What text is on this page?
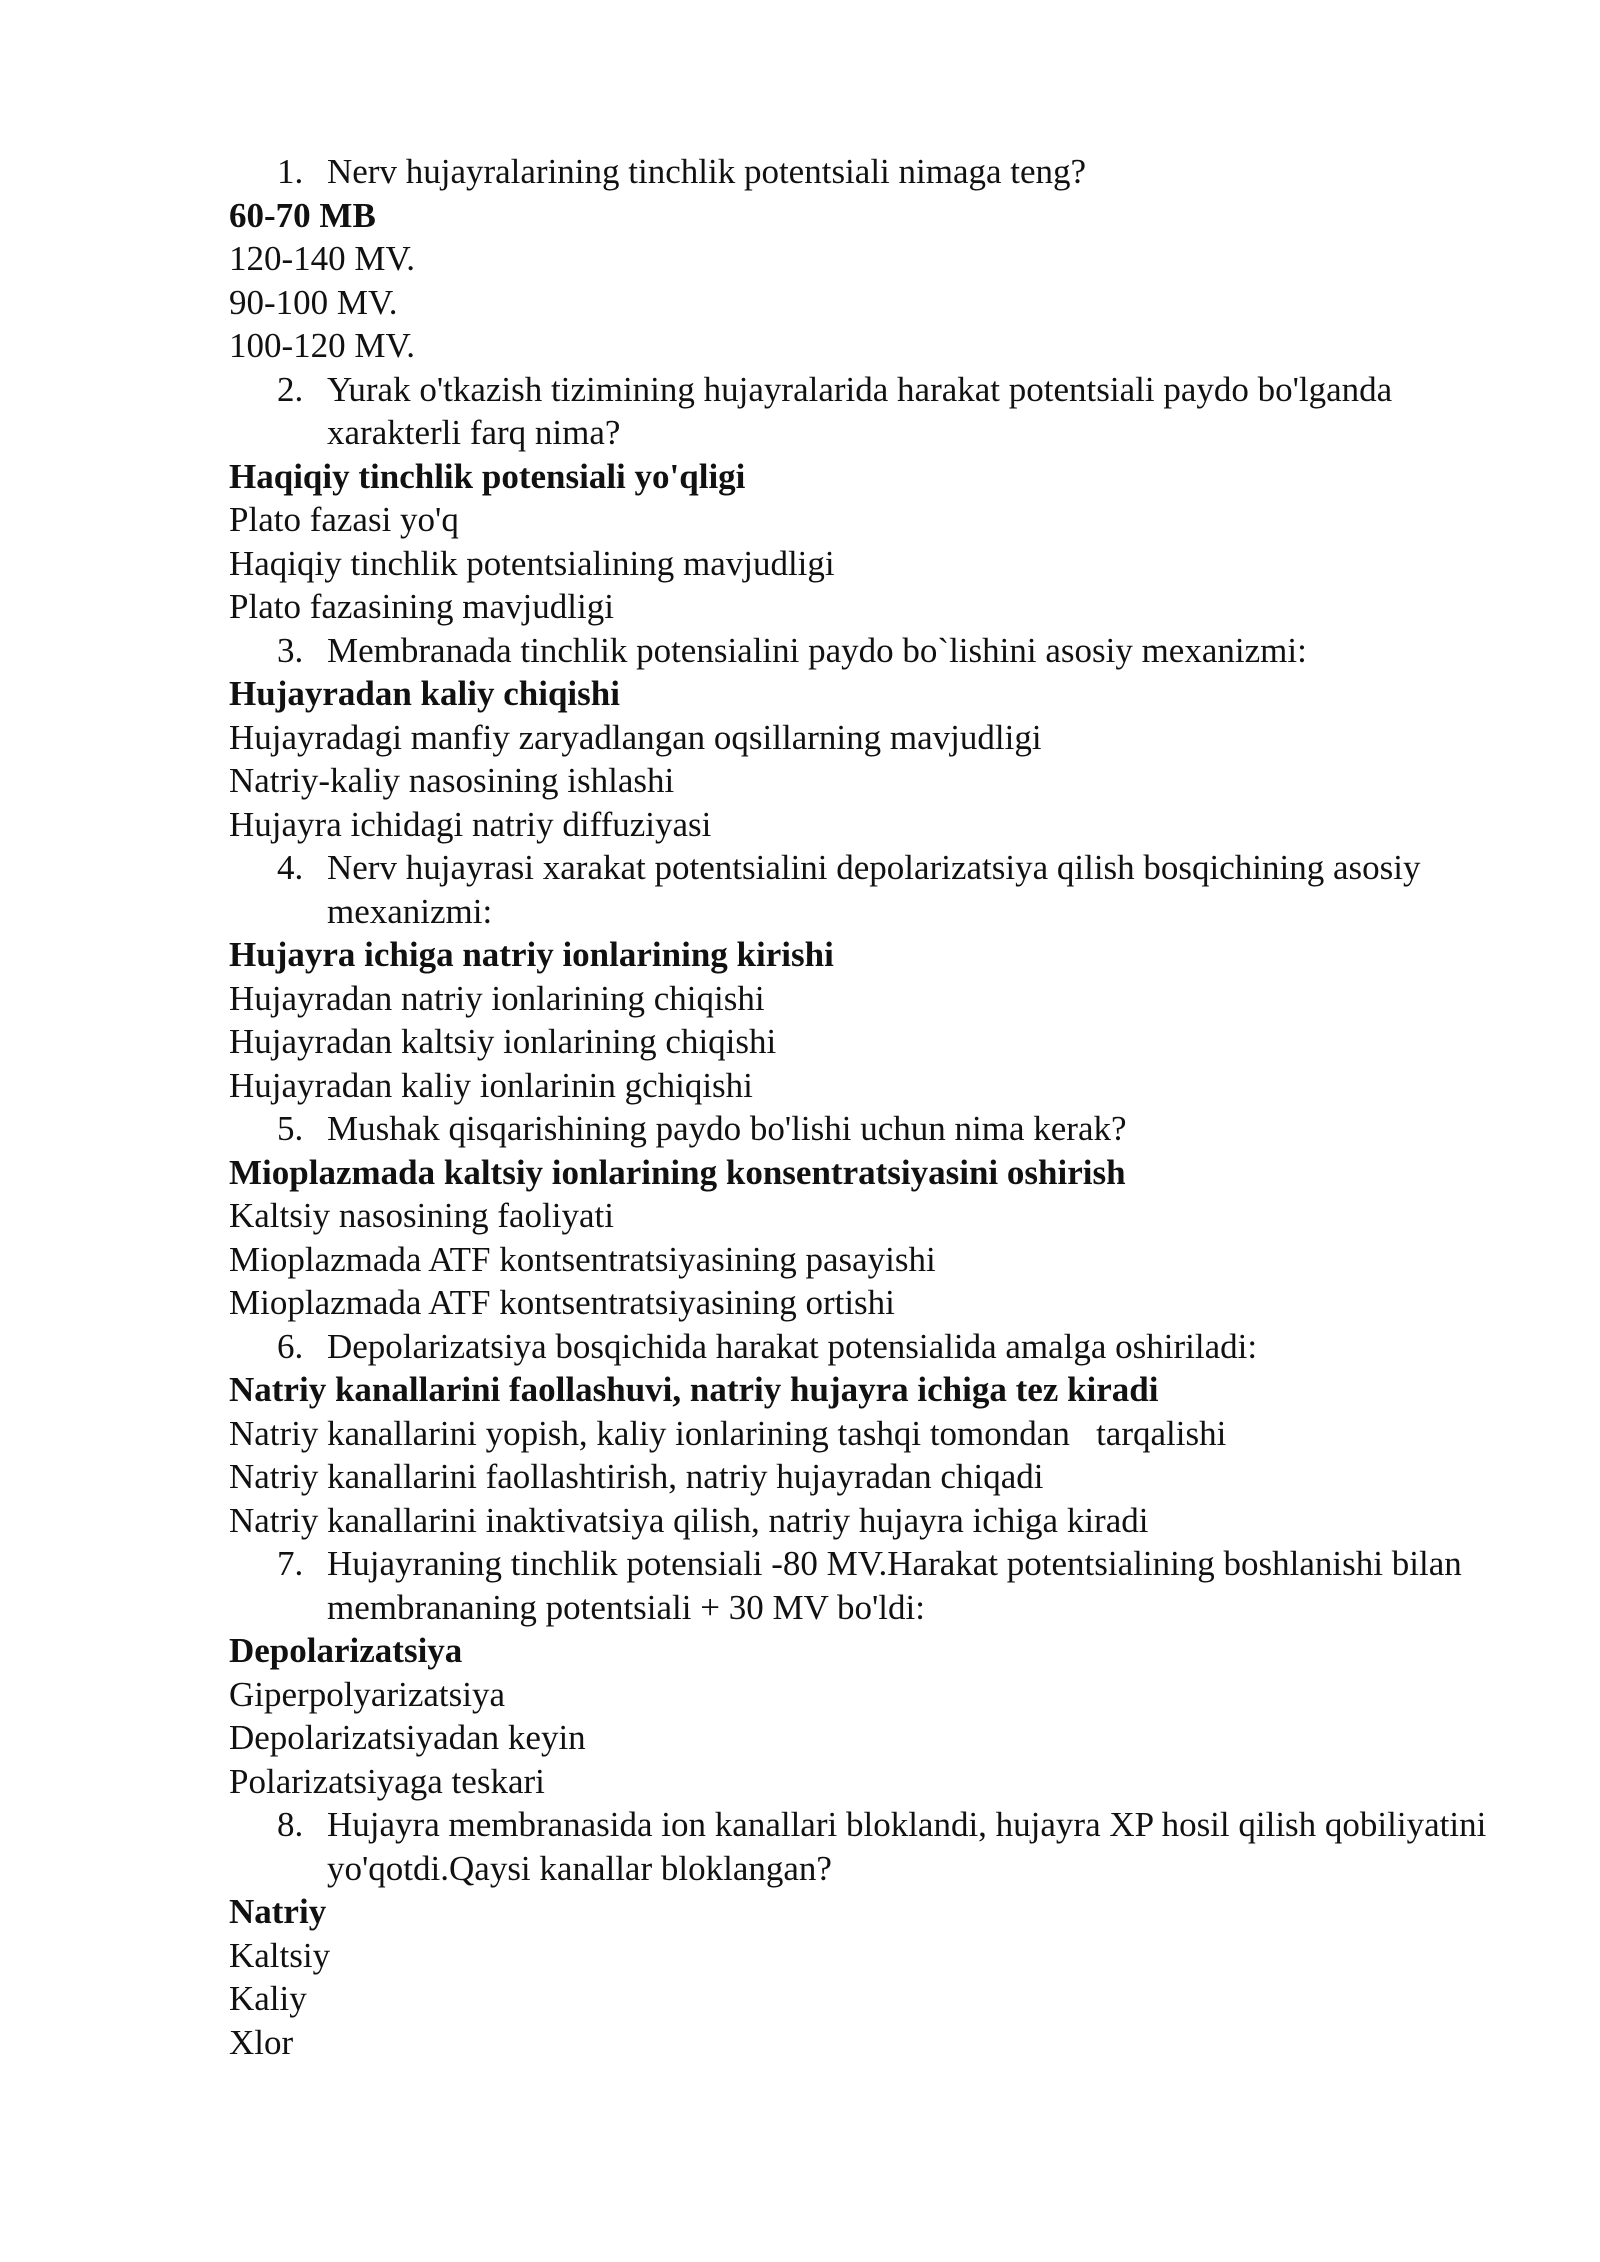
1. Nerv hujayralarining tinchlik potentsiali nimaga teng?
60-70 MB
120-140 MV.
90-100 MV.
100-120 MV.
2. Yurak o'tkazish tizimining hujayralarida harakat potentsiali paydo bo'lganda xarakterli farq nima?
Haqiqiy tinchlik potensiali yo'qligi
Plato fazasi yo'q
Haqiqiy tinchlik potentsialining mavjudligi
Plato fazasining mavjudligi
3. Membranada tinchlik potensialini paydo bo`lishini asosiy mexanizmi:
Hujayradan kaliy chiqishi
Hujayradagi manfiy zaryadlangan oqsillarning mavjudligi
Natriy-kaliy nasosining ishlashi
Hujayra ichidagi natriy diffuziyasi
4. Nerv hujayrasi xarakat potentsialini depolarizatsiya qilish bosqichining asosiy mexanizmi:
Hujayra ichiga natriy ionlarining kirishi
Hujayradan natriy ionlarining chiqishi
Hujayradan kaltsiy ionlarining chiqishi
Hujayradan kaliy ionlarinin gchiqishi
5. Mushak qisqarishining paydo bo'lishi uchun nima kerak?
Mioplazmada kaltsiy ionlarining konsentratsiyasini oshirish
Kaltsiy nasosining faoliyati
Mioplazmada ATF kontsentratsiyasining pasayishi
Mioplazmada ATF kontsentratsiyasining ortishi
6. Depolarizatsiya bosqichida harakat potensialida amalga oshiriladi:
Natriy kanallarini faollashuvi, natriy hujayra ichiga tez kiradi
Natriy kanallarini yopish, kaliy ionlarining tashqi tomondan   tarqalishi
Natriy kanallarini faollashtirish, natriy hujayradan chiqadi
Natriy kanallarini inaktivatsiya qilish, natriy hujayra ichiga kiradi
7. Hujayraning tinchlik potensiali -80 MV.Harakat potentsialining boshlanishi bilan membrananing potentsiali + 30 MV bo'ldi:
Depolarizatsiya
Giperpolyarizatsiya
Depolarizatsiyadan keyin
Polarizatsiyaga teskari
8. Hujayra membranasida ion kanallari bloklandi, hujayra XP hosil qilish qobiliyatini yo'qotdi.Qaysi kanallar bloklangan?
Natriy
Kaltsiy
Kaliy
Xlor
